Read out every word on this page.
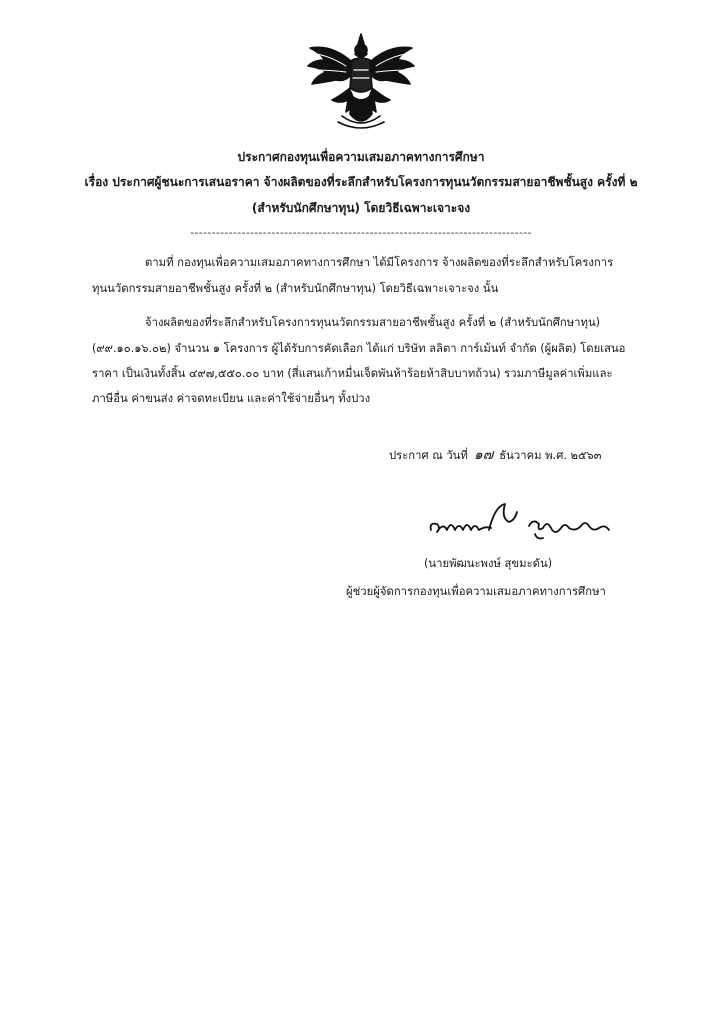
ประกาศกองทุนเพื่อความเสมอภาคทางการศึกษา
เรื่อง ประกาศผู้ชนะการเสนอราคา จ้างผลิตของที่ระลึกสำหรับโครงการทุนนวัตกรรมสายอาชีพชั้นสูง ครั้งที่ ๒
(สำหรับนักศึกษาทุน) โดยวิธีเฉพาะเจาะจง
--------------------------------------------------------------------------------
ตามที่ กองทุนเพื่อความเสมอภาคทางการศึกษา ได้มีโครงการ จ้างผลิตของที่ระลึกสำหรับโครงการ
ทุนนวัตกรรมสายอาชีพชั้นสูง ครั้งที่ ๒ (สำหรับนักศึกษาทุน) โดยวิธีเฉพาะเจาะจง นั้น
จ้างผลิตของที่ระลึกสำหรับโครงการทุนนวัตกรรมสายอาชีพชั้นสูง ครั้งที่ ๒ (สำหรับนักศึกษาทุน)
(๙๙.๑๐.๑๖.๐๒) จำนวน ๑ โครงการ ผู้ได้รับการคัดเลือก ได้แก่ บริษัท ลลิตา การ์เม้นท์ จำกัด (ผู้ผลิต) โดยเสนอ
ราคา เป็นเงินทั้งสิ้น ๔๙๗,๕๕๐.๐๐ บาท (สี่แสนเก้าหมื่นเจ็ดพันห้าร้อยห้าสิบบาทถ้วน) รวมภาษีมูลค่าเพิ่มและ
ภาษีอื่น ค่าขนส่ง ค่าจดทะเบียน และค่าใช้จ่ายอื่นๆ ทั้งปวง
ประกาศ ณ วันที่ ๑๗ ธันวาคม พ.ศ. ๒๕๖๓
(นายพัฒนะพงษ์ สุขมะดัน)
ผู้ช่วยผู้จัดการกองทุนเพื่อความเสมอภาคทางการศึกษา
